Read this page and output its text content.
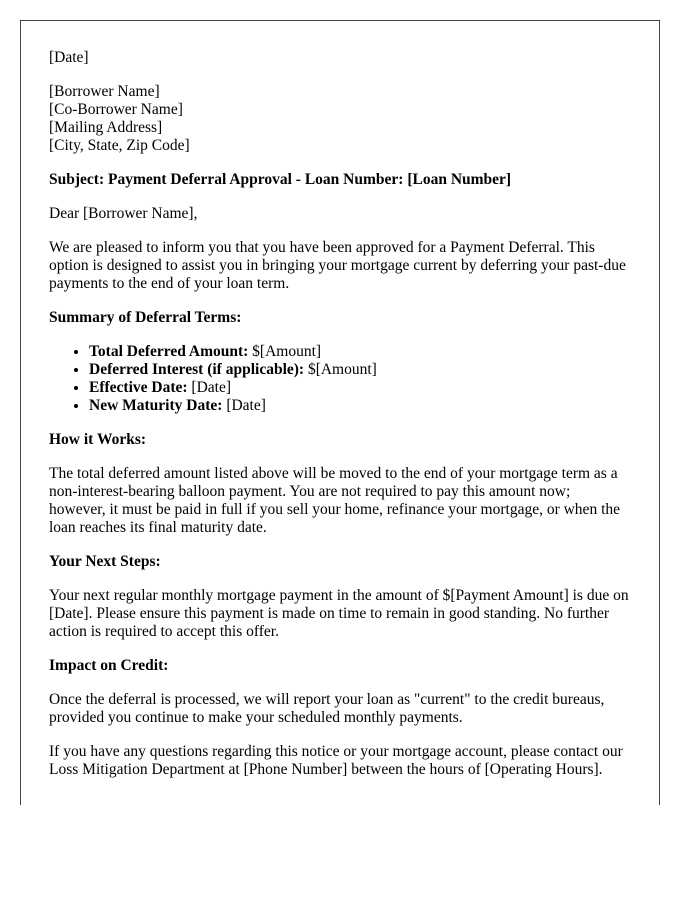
[Date]
[Borrower Name]
[Co-Borrower Name]
[Mailing Address]
[City, State, Zip Code]
Subject: Payment Deferral Approval - Loan Number: [Loan Number]
Dear [Borrower Name],

We are pleased to inform you that you have been approved for a Payment Deferral. This option is designed to assist you in bringing your mortgage current by deferring your past-due payments to the end of your loan term.

Summary of Deferral Terms:
• Total Deferred Amount: $[Amount]
• Deferred Interest (if applicable): $[Amount]
• Effective Date: [Date]
• New Maturity Date: [Date]
How it Works:

The total deferred amount listed above will be moved to the end of your mortgage term as a non-interest-bearing balloon payment. You are not required to pay this amount now; however, it must be paid in full if you sell your home, refinance your mortgage, or when the loan reaches its final maturity date.

Your Next Steps:

Your next regular monthly mortgage payment in the amount of $[Payment Amount] is due on [Date]. Please ensure this payment is made on time to remain in good standing. No further action is required to accept this offer.

Impact on Credit:

Once the deferral is processed, we will report your loan as "current" to the credit bureaus, provided you continue to make your scheduled monthly payments.

If you have any questions regarding this notice or your mortgage account, please contact our Loss Mitigation Department at [Phone Number] between the hours of [Operating Hours].
